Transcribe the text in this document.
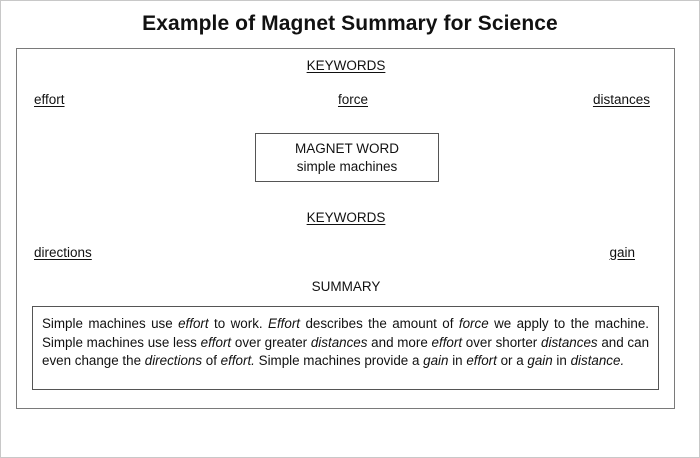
Example of Magnet Summary for Science
KEYWORDS
effort	force	distances
MAGNET WORD
simple machines
KEYWORDS
directions	gain
SUMMARY

Simple machines use effort to work. Effort describes the amount of force we apply to the machine. Simple machines use less effort over greater distances and more effort over shorter distances and can even change the directions of effort. Simple machines provide a gain in effort or a gain in distance.
